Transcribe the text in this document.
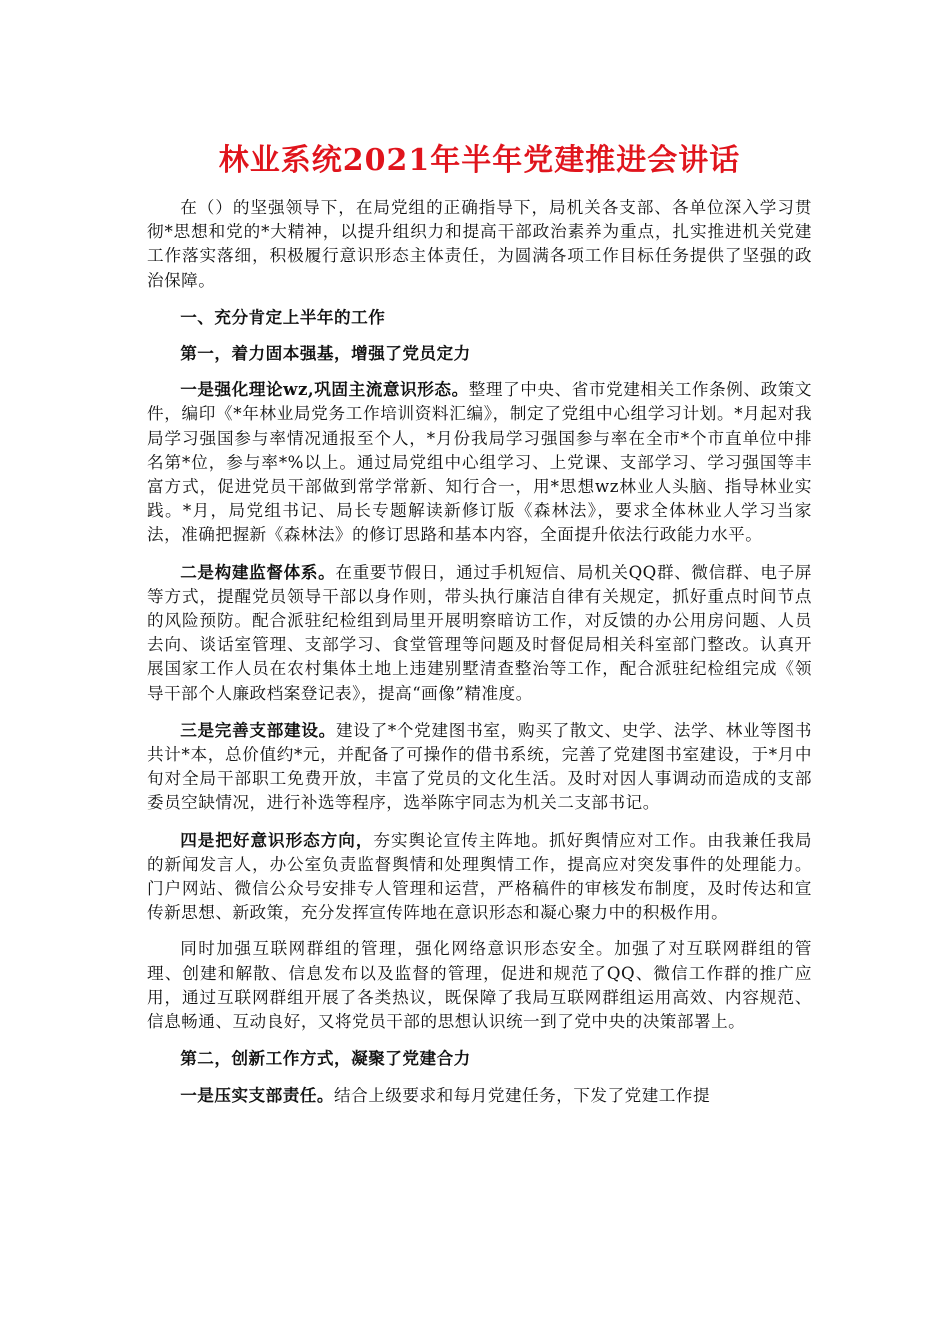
林业系统2021年半年党建推进会讲话

在（）的坚强领导下，在局党组的正确指导下，局机关各支部、各单位深入学习贯彻*思想和党的*大精神，以提升组织力和提高干部政治素养为重点，扎实推进机关党建工作落实落细，积极履行意识形态主体责任，为圆满各项工作目标任务提供了坚强的政治保障。

一、充分肯定上半年的工作

第一，着力固本强基，增强了党员定力

一是强化理论wz,巩固主流意识形态。整理了中央、省市党建相关工作条例、政策文件，编印《*年林业局党务工作培训资料汇编》，制定了党组中心组学习计划。*月起对我局学习强国参与率情况通报至个人，*月份我局学习强国参与率在全市*个市直单位中排名第*位，参与率*%以上。通过局党组中心组学习、上党课、支部学习、学习强国等丰富方式，促进党员干部做到常学常新、知行合一，用*思想wz林业人头脑、指导林业实践。*月，局党组书记、局长专题解读新修订版《森林法》，要求全体林业人学习当家法，准确把握新《森林法》的修订思路和基本内容，全面提升依法行政能力水平。

二是构建监督体系。在重要节假日，通过手机短信、局机关QQ群、微信群、电子屏等方式，提醒党员领导干部以身作则，带头执行廉洁自律有关规定，抓好重点时间节点的风险预防。配合派驻纪检组到局里开展明察暗访工作，对反馈的办公用房问题、人员去向、谈话室管理、支部学习、食堂管理等问题及时督促局相关科室部门整改。认真开展国家工作人员在农村集体土地上违建别墅清查整治等工作，配合派驻纪检组完成《领导干部个人廉政档案登记表》，提高“画像”精准度。

三是完善支部建设。建设了*个党建图书室，购买了散文、史学、法学、林业等图书共计*本，总价值约*元，并配备了可操作的借书系统，完善了党建图书室建设，于*月中旬对全局干部职工免费开放，丰富了党员的文化生活。及时对因人事调动而造成的支部委员空缺情况，进行补选等程序，选举陈宇同志为机关二支部书记。

四是把好意识形态方向，夯实舆论宣传主阵地。抓好舆情应对工作。由我兼任我局的新闻发言人，办公室负责监督舆情和处理舆情工作，提高应对突发事件的处理能力。门户网站、微信公众号安排专人管理和运营，严格稿件的审核发布制度，及时传达和宣传新思想、新政策，充分发挥宣传阵地在意识形态和凝心聚力中的积极作用。

同时加强互联网群组的管理，强化网络意识形态安全。加强了对互联网群组的管理、创建和解散、信息发布以及监督的管理，促进和规范了QQ、微信工作群的推广应用，通过互联网群组开展了各类热议，既保障了我局互联网群组运用高效、内容规范、信息畅通、互动良好，又将党员干部的思想认识统一到了党中央的决策部署上。

第二，创新工作方式，凝聚了党建合力

一是压实支部责任。结合上级要求和每月党建任务，下发了党建工作提
